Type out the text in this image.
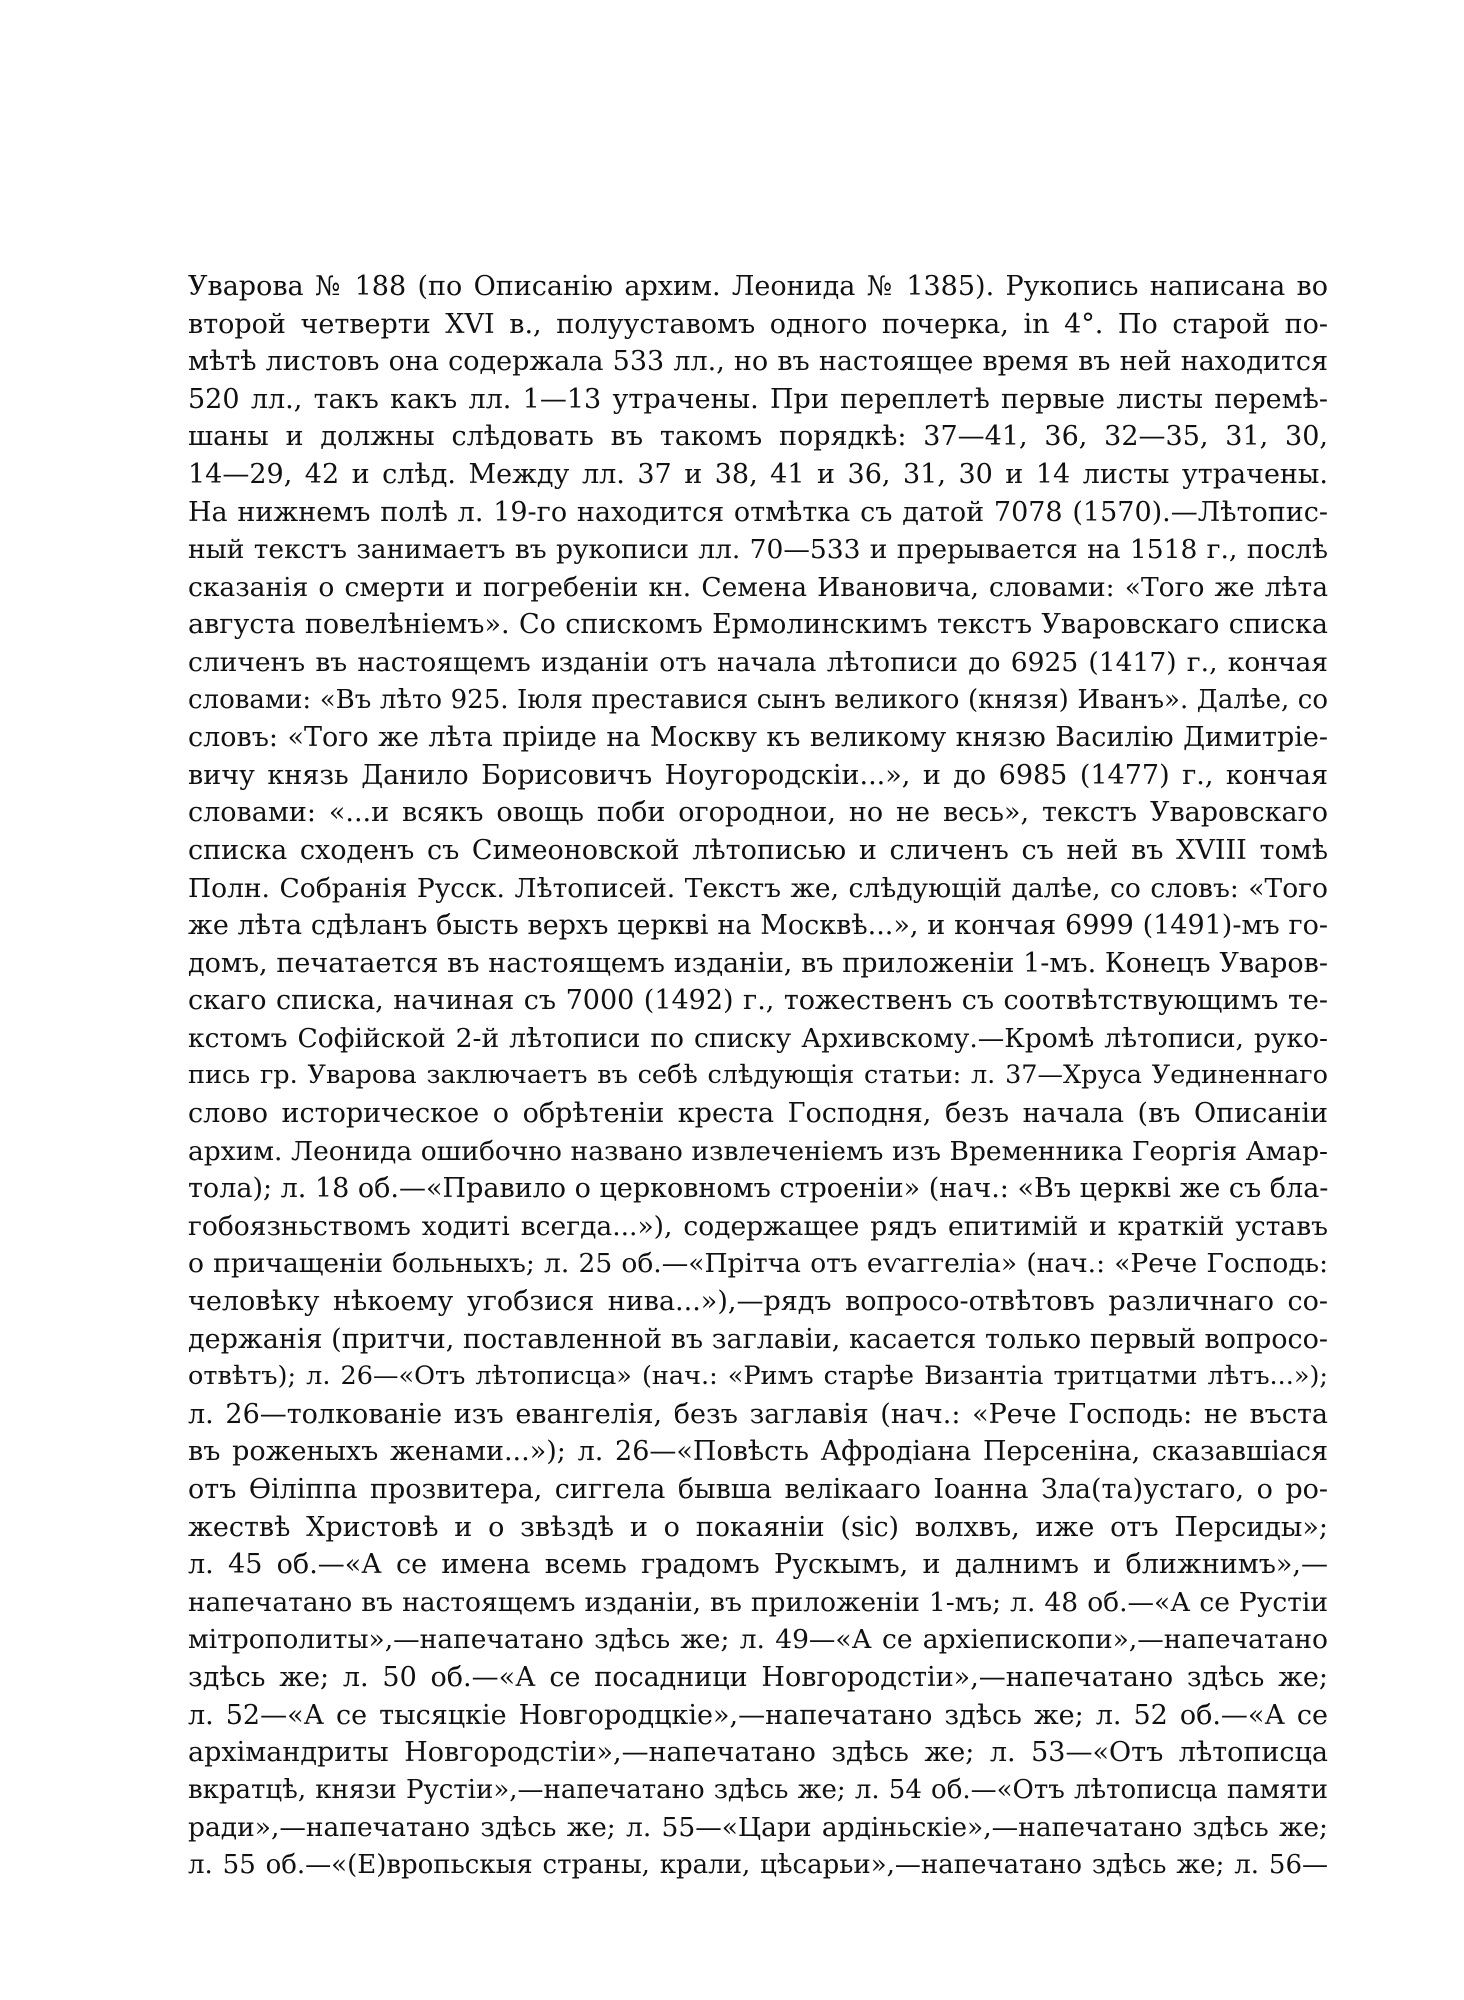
Уварова № 188 (по Описанію архим. Леонида № 1385). Рукопись написана во
второй четверти XVI в., полууставомъ одного почерка, in 4°. По старой по-
мѣтѣ листовъ она содержала 533 лл., но въ настоящее время въ ней находится
520 лл., такъ какъ лл. 1—13 утрачены. При переплетѣ первые листы перемѣ-
шаны и должны слѣдовать въ такомъ порядкѣ: 37—41, 36, 32—35, 31, 30,
14—29, 42 и слѣд. Между лл. 37 и 38, 41 и 36, 31, 30 и 14 листы утрачены.
На нижнемъ полѣ л. 19-го находится отмѣтка съ датой 7078 (1570).—Лѣтопис-
ный текстъ занимаетъ въ рукописи лл. 70—533 и прерывается на 1518 г., послѣ
сказанія о смерти и погребеніи кн. Семена Ивановича, словами: «Того же лѣта
августа повелѣніемъ». Со спискомъ Ермолинскимъ текстъ Уваровскаго списка
сличенъ въ настоящемъ изданіи отъ начала лѣтописи до 6925 (1417) г., кончая
словами: «Въ лѣто 925. Іюля преставися сынъ великого (князя) Иванъ». Далѣе, со
словъ: «Того же лѣта пріиде на Москву къ великому князю Василію Димитріе-
вичу князь Данило Борисовичъ Ноугородскіи...», и до 6985 (1477) г., кончая
словами: «...и всякъ овощь поби огороднои, но не весь», текстъ Уваровскаго
списка сходенъ съ Симеоновской лѣтописью и сличенъ съ ней въ XVIII томѣ
Полн. Собранія Русск. Лѣтописей. Текстъ же, слѣдующій далѣе, со словъ: «Того
же лѣта сдѣланъ бысть верхъ церкві на Москвѣ...», и кончая 6999 (1491)-мъ го-
домъ, печатается въ настоящемъ изданіи, въ приложеніи 1-мъ. Конецъ Уваров-
скаго списка, начиная съ 7000 (1492) г., тожественъ съ соотвѣтствующимъ те-
кстомъ Софійской 2-й лѣтописи по списку Архивскому.—Кромѣ лѣтописи, руко-
пись гр. Уварова заключаетъ въ себѣ слѣдующія статьи: л. 37—Хруса Уединеннаго
слово историческое о обрѣтеніи креста Господня, безъ начала (въ Описаніи
архим. Леонида ошибочно названо извлеченіемъ изъ Временника Георгія Амар-
тола); л. 18 об.—«Правило о церковномъ строеніи» (нач.: «Въ церкві же съ бла-
гобоязньствомъ ходиті всегда...»), содержащее рядъ епитимій и краткій уставъ
о причащеніи больныхъ; л. 25 об.—«Прітча отъ еѵаггеліа» (нач.: «Рече Господь:
человѣку нѣкоему угобзися нива...»),—рядъ вопросо-отвѣтовъ различнаго со-
держанія (притчи, поставленной въ заглавіи, касается только первый вопросо-
отвѣтъ); л. 26—«Отъ лѣтописца» (нач.: «Римъ старѣе Византіа тритцатми лѣтъ...»);
л. 26—толкованіе изъ евангелія, безъ заглавія (нач.: «Рече Господь: не въста
въ роженыхъ женами...»); л. 26—«Повѣсть Афродіана Персеніна, сказавшіася
отъ Ѳіліппа прозвитера, сиггела бывша велікааго Іоанна Зла(та)устаго, о ро-
жествѣ Христовѣ и о звѣздѣ и о покаяніи (sic) волхвъ, иже отъ Персиды»;
л. 45 об.—«А се имена всемь градомъ Рускымъ, и далнимъ и ближнимъ»,—
напечатано въ настоящемъ изданіи, въ приложеніи 1-мъ; л. 48 об.—«А се Рустіи
мітрополиты»,—напечатано здѣсь же; л. 49—«А се архіепископи»,—напечатано
здѣсь же; л. 50 об.—«А се посадници Новгородстіи»,—напечатано здѣсь же;
л. 52—«А се тысяцкіе Новгородцкіе»,—напечатано здѣсь же; л. 52 об.—«А се
архімандриты Новгородстіи»,—напечатано здѣсь же; л. 53—«Отъ лѣтописца
вкратцѣ, князи Рустіи»,—напечатано здѣсь же; л. 54 об.—«Отъ лѣтописца памяти
ради»,—напечатано здѣсь же; л. 55—«Цари ардіньскіе»,—напечатано здѣсь же;
л. 55 об.—«(Е)вропьскыя страны, крали, цѣсарьи»,—напечатано здѣсь же; л. 56—
